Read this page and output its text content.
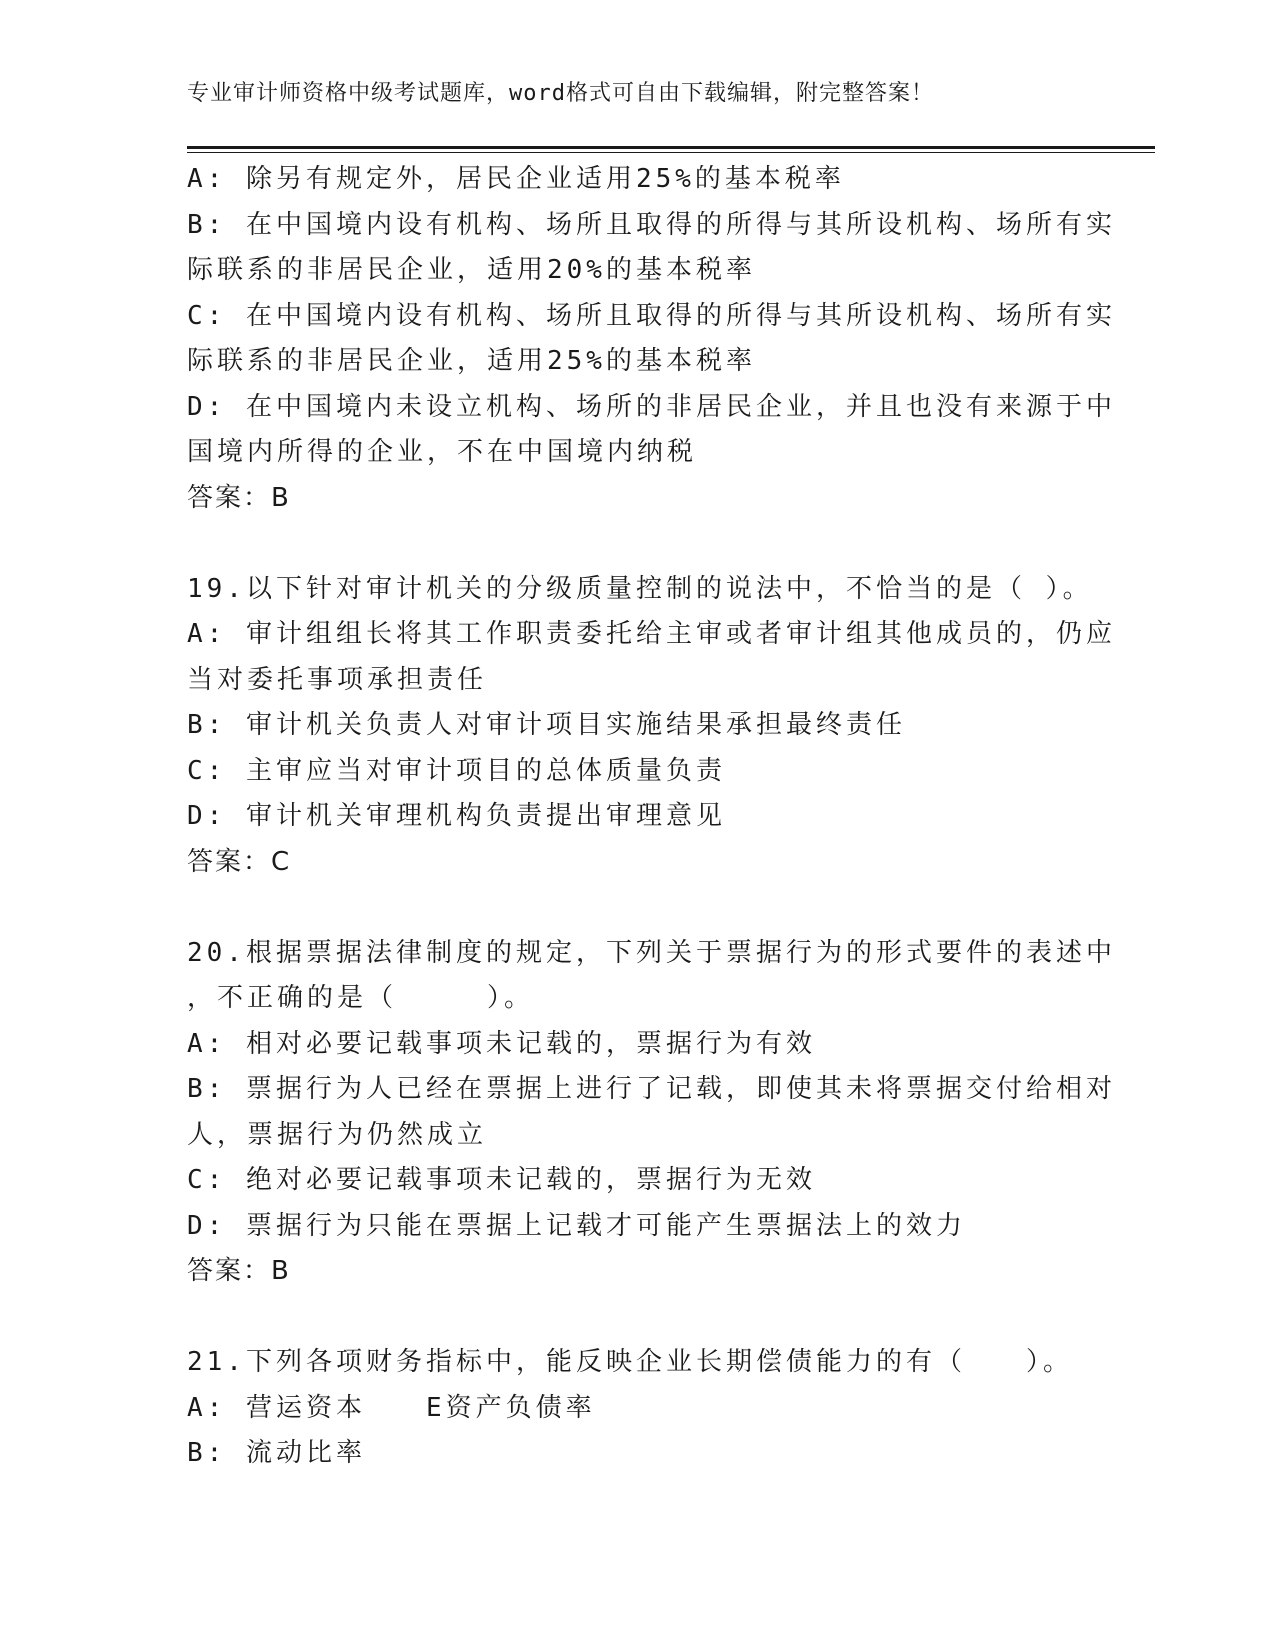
专业审计师资格中级考试题库，word格式可自由下载编辑，附完整答案！
A: 除另有规定外，居民企业适用25%的基本税率
B: 在中国境内设有机构、场所且取得的所得与其所设机构、场所有实
际联系的非居民企业，适用20%的基本税率
C: 在中国境内设有机构、场所且取得的所得与其所设机构、场所有实
际联系的非居民企业，适用25%的基本税率
D: 在中国境内未设立机构、场所的非居民企业，并且也没有来源于中
国境内所得的企业，不在中国境内纳税
答案：B
19.以下针对审计机关的分级质量控制的说法中，不恰当的是（ ）。
A: 审计组组长将其工作职责委托给主审或者审计组其他成员的，仍应
当对委托事项承担责任
B: 审计机关负责人对审计项目实施结果承担最终责任
C: 主审应当对审计项目的总体质量负责
D: 审计机关审理机构负责提出审理意见
答案：C
20.根据票据法律制度的规定，下列关于票据行为的形式要件的表述中
，不正确的是（　　　）。
A: 相对必要记载事项未记载的，票据行为有效
B: 票据行为人已经在票据上进行了记载，即使其未将票据交付给相对
人，票据行为仍然成立
C: 绝对必要记载事项未记载的，票据行为无效
D: 票据行为只能在票据上记载才可能产生票据法上的效力
答案：B
21.下列各项财务指标中，能反映企业长期偿债能力的有（　　）。
A: 营运资本　　E资产负债率
B: 流动比率
